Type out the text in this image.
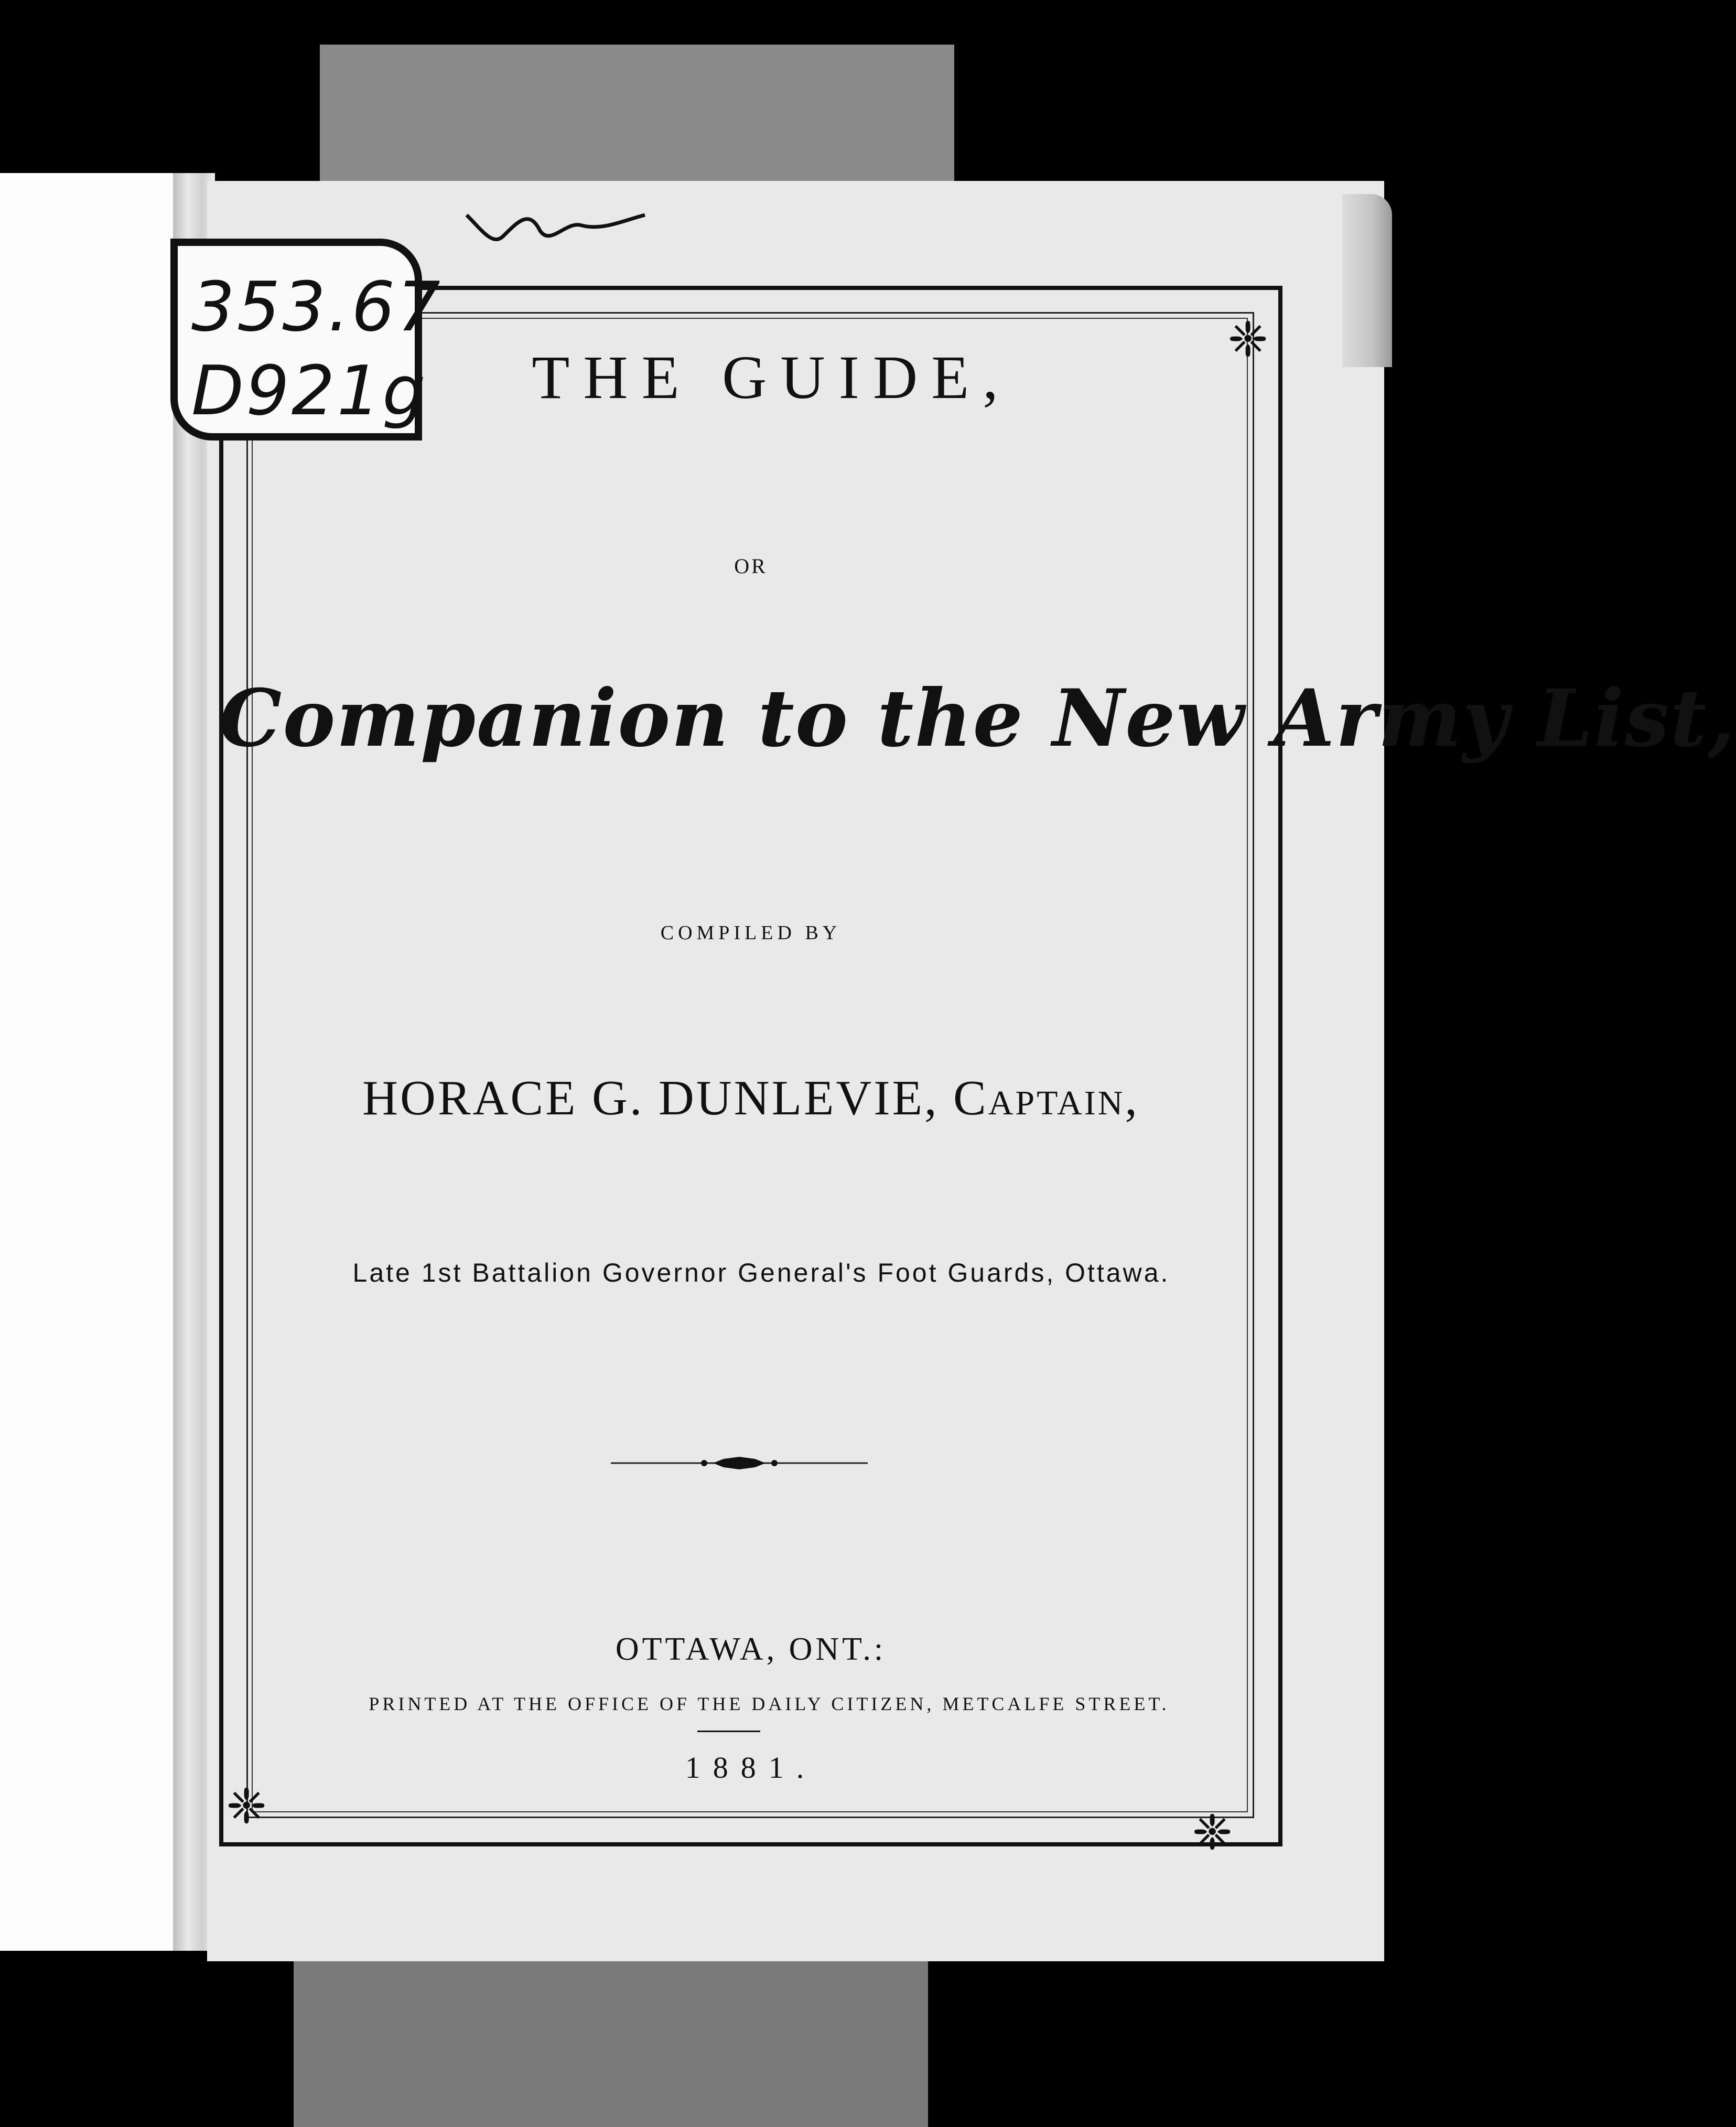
❈
❈	❈
353.67
D921g	THE GUIDE,
OR
Companion to the New Army List,
COMPILED BY
HORACE G. DUNLEVIE, Captain,
Late 1st Battalion Governor General's Foot Guards, Ottawa.
OTTAWA, ONT.:
PRINTED AT THE OFFICE OF THE DAILY CITIZEN, METCALFE STREET.
1881.
